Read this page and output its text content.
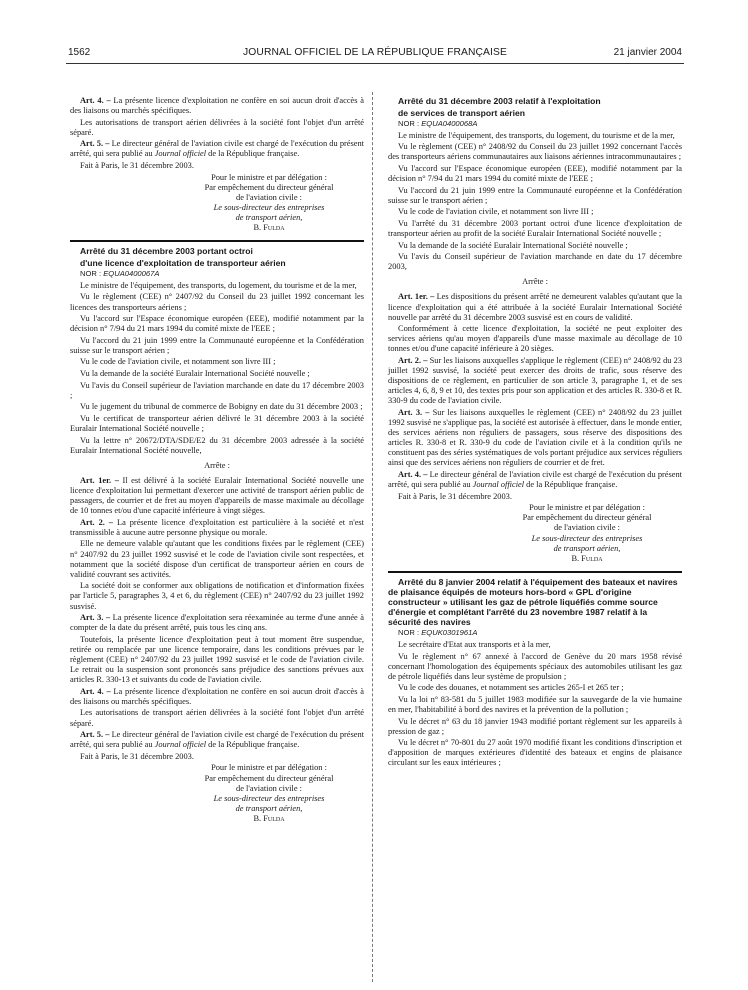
1562	JOURNAL OFFICIEL DE LA RÉPUBLIQUE FRANÇAISE	21 janvier 2004

Art. 4. – La présente licence d'exploitation ne confère en soi aucun droit d'accès à des liaisons ou marchés spécifiques.

Les autorisations de transport aérien délivrées à la société font l'objet d'un arrêté séparé.

Art. 5. – Le directeur général de l'aviation civile est chargé de l'exécution du présent arrêté, qui sera publié au Journal officiel de la République française.

Fait à Paris, le 31 décembre 2003.

Pour le ministre et par délégation :

Par empêchement du directeur général

de l'aviation civile :

Le sous-directeur des entreprises

de transport aérien,

B. Fulda

Arrêté du 31 décembre 2003 portant octroi

d'une licence d'exploitation de transporteur aérien

NOR : EQUA0400067A

Le ministre de l'équipement, des transports, du logement, du tourisme et de la mer,

Vu le règlement (CEE) n° 2407/92 du Conseil du 23 juillet 1992 concernant les licences des transporteurs aériens ;

Vu l'accord sur l'Espace économique européen (EEE), modifié notamment par la décision n° 7/94 du 21 mars 1994 du comité mixte de l'EEE ;

Vu l'accord du 21 juin 1999 entre la Communauté européenne et la Confédération suisse sur le transport aérien ;

Vu le code de l'aviation civile, et notamment son livre III ;

Vu la demande de la société Euralair International Société nouvelle ;

Vu l'avis du Conseil supérieur de l'aviation marchande en date du 17 décembre 2003 ;

Vu le jugement du tribunal de commerce de Bobigny en date du 31 décembre 2003 ;

Vu le certificat de transporteur aérien délivré le 31 décembre 2003 à la société Euralair International Société nouvelle ;

Vu la lettre n° 20672/DTA/SDE/E2 du 31 décembre 2003 adressée à la société Euralair International Société nouvelle,

Arrête :

Art. 1er. – Il est délivré à la société Euralair International Société nouvelle une licence d'exploitation lui permettant d'exercer une activité de transport aérien public de passagers, de courrier et de fret au moyen d'appareils de masse maximale au décollage de 10 tonnes et/ou d'une capacité inférieure à vingt sièges.

Art. 2. – La présente licence d'exploitation est particulière à la société et n'est transmissible à aucune autre personne physique ou morale.

Elle ne demeure valable qu'autant que les conditions fixées par le règlement (CEE) n° 2407/92 du 23 juillet 1992 susvisé et le code de l'aviation civile sont respectées, et notamment que la société dispose d'un certificat de transporteur aérien en cours de validité couvrant ses activités.

La société doit se conformer aux obligations de notification et d'information fixées par l'article 5, paragraphes 3, 4 et 6, du règlement (CEE) n° 2407/92 du 23 juillet 1992 susvisé.

Art. 3. – La présente licence d'exploitation sera réexaminée au terme d'une année à compter de la date du présent arrêté, puis tous les cinq ans.

Toutefois, la présente licence d'exploitation peut à tout moment être suspendue, retirée ou remplacée par une licence temporaire, dans les conditions prévues par le règlement (CEE) n° 2407/92 du 23 juillet 1992 susvisé et le code de l'aviation civile. Le retrait ou la suspension sont prononcés sans préjudice des sanctions prévues aux articles R. 330-13 et suivants du code de l'aviation civile.

Art. 4. – La présente licence d'exploitation ne confère en soi aucun droit d'accès à des liaisons ou marchés spécifiques.

Les autorisations de transport aérien délivrées à la société font l'objet d'un arrêté séparé.

Art. 5. – Le directeur général de l'aviation civile est chargé de l'exécution du présent arrêté, qui sera publié au Journal officiel de la République française.

Fait à Paris, le 31 décembre 2003.

Pour le ministre et par délégation :

Par empêchement du directeur général

de l'aviation civile :

Le sous-directeur des entreprises

de transport aérien,

B. Fulda

Arrêté du 31 décembre 2003 relatif à l'exploitation

de services de transport aérien

NOR : EQUA0400068A

Le ministre de l'équipement, des transports, du logement, du tourisme et de la mer,

Vu le règlement (CEE) n° 2408/92 du Conseil du 23 juillet 1992 concernant l'accès des transporteurs aériens communautaires aux liaisons aériennes intracommunautaires ;

Vu l'accord sur l'Espace économique européen (EEE), modifié notamment par la décision n° 7/94 du 21 mars 1994 du comité mixte de l'EEE ;

Vu l'accord du 21 juin 1999 entre la Communauté européenne et la Confédération suisse sur le transport aérien ;

Vu le code de l'aviation civile, et notamment son livre III ;

Vu l'arrêté du 31 décembre 2003 portant octroi d'une licence d'exploitation de transporteur aérien au profit de la société Euralair International Société nouvelle ;

Vu la demande de la société Euralair International Société nouvelle ;

Vu l'avis du Conseil supérieur de l'aviation marchande en date du 17 décembre 2003,

Arrête :

Art. 1er. – Les dispositions du présent arrêté ne demeurent valables qu'autant que la licence d'exploitation qui a été attribuée à la société Euralair International Société nouvelle par arrêté du 31 décembre 2003 susvisé est en cours de validité.

Conformément à cette licence d'exploitation, la société ne peut exploiter des services aériens qu'au moyen d'appareils d'une masse maximale au décollage de 10 tonnes et/ou d'une capacité inférieure à 20 sièges.

Art. 2. – Sur les liaisons auxquelles s'applique le règlement (CEE) n° 2408/92 du 23 juillet 1992 susvisé, la société peut exercer des droits de trafic, sous réserve des dispositions de ce règlement, en particulier de son article 3, paragraphe 1, et de ses articles 4, 6, 8, 9 et 10, des textes pris pour son application et des articles R. 330-8 et R. 330-9 du code de l'aviation civile.

Art. 3. – Sur les liaisons auxquelles le règlement (CEE) n° 2408/92 du 23 juillet 1992 susvisé ne s'applique pas, la société est autorisée à effectuer, dans le monde entier, des services aériens non réguliers de passagers, sous réserve des dispositions des articles R. 330-8 et R. 330-9 du code de l'aviation civile et à la condition qu'ils ne constituent pas des séries systématiques de vols portant préjudice aux services réguliers ainsi que des services aériens non réguliers de courrier et de fret.

Art. 4. – Le directeur général de l'aviation civile est chargé de l'exécution du présent arrêté, qui sera publié au Journal officiel de la République française.

Fait à Paris, le 31 décembre 2003.

Pour le ministre et par délégation :

Par empêchement du directeur général

de l'aviation civile :

Le sous-directeur des entreprises

de transport aérien,

B. Fulda

Arrêté du 8 janvier 2004 relatif à l'équipement des bateaux et navires de plaisance équipés de moteurs hors-bord « GPL d'origine constructeur » utilisant les gaz de pétrole liquéfiés comme source d'énergie et complétant l'arrêté du 23 novembre 1987 relatif à la sécurité des navires

NOR : EQUK0301961A

Le secrétaire d'Etat aux transports et à la mer,

Vu le règlement n° 67 annexé à l'accord de Genève du 20 mars 1958 révisé concernant l'homologation des équipements spéciaux des automobiles utilisant les gaz de pétrole liquéfiés dans leur système de propulsion ;

Vu le code des douanes, et notamment ses articles 265-I et 265 ter ;

Vu la loi n° 83-581 du 5 juillet 1983 modifiée sur la sauvegarde de la vie humaine en mer, l'habitabilité à bord des navires et la prévention de la pollution ;

Vu le décret n° 63 du 18 janvier 1943 modifié portant règlement sur les appareils à pression de gaz ;

Vu le décret n° 70-801 du 27 août 1970 modifié fixant les conditions d'inscription et d'apposition de marques extérieures d'identité des bateaux et engins de plaisance circulant sur les eaux intérieures ;
